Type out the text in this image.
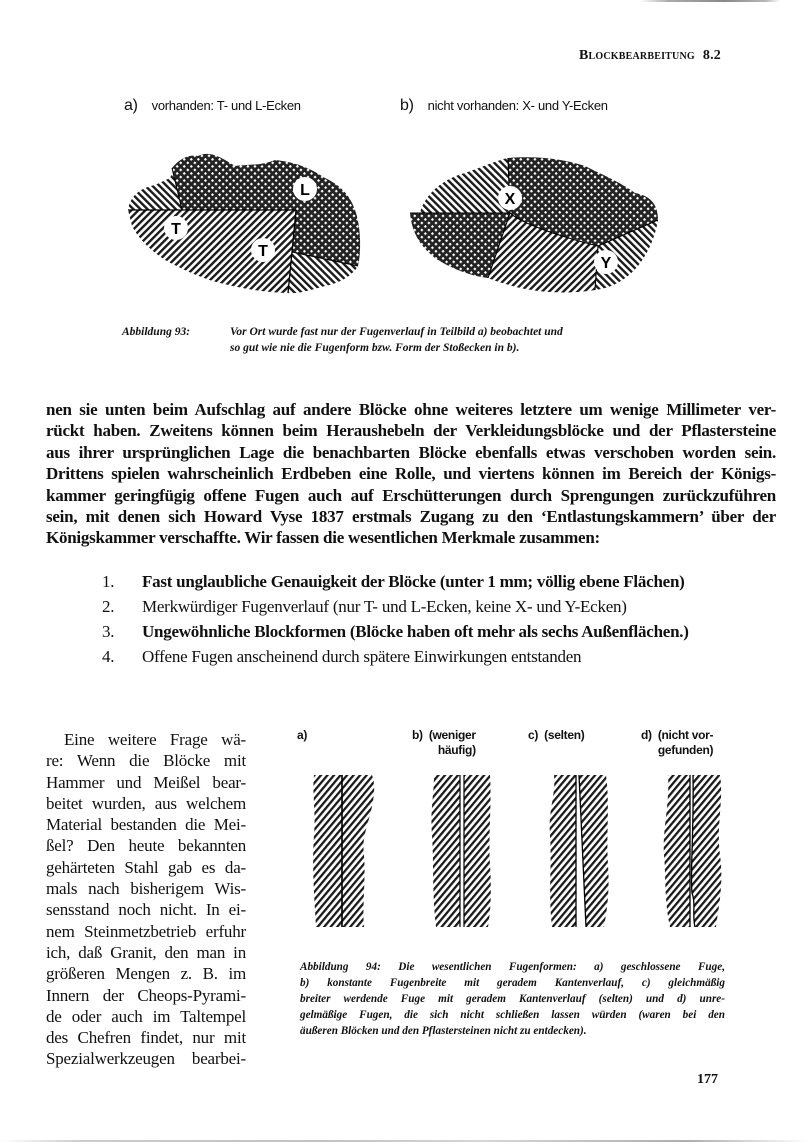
Blockbearbeitung 8.2
a) vorhanden: T- und L-Ecken	b) nicht vorhanden: X- und Y-Ecken
T
T
L
X
Y
Abbildung 93:	Vor Ort wurde fast nur der Fugenverlauf in Teilbild a) beobachtet und
so gut wie nie die Fugenform bzw. Form der Stoßecken in b).
nen sie unten beim Aufschlag auf andere Blöcke ohne weiteres letztere um wenige Millimeter ver-
rückt haben. Zweitens können beim Heraushebeln der Verkleidungsblöcke und der Pflastersteine
aus ihrer ursprünglichen Lage die benachbarten Blöcke ebenfalls etwas verschoben worden sein.
Drittens spielen wahrscheinlich Erdbeben eine Rolle, und viertens können im Bereich der Königs-
kammer geringfügig offene Fugen auch auf Erschütterungen durch Sprengungen zurückzuführen
sein, mit denen sich Howard Vyse 1837 erstmals Zugang zu den ‘Entlastungskammern’ über der
Königskammer verschaffte. Wir fassen die wesentlichen Merkmale zusammen:
1.	Fast unglaubliche Genauigkeit der Blöcke (unter 1 mm; völlig ebene Flächen)
2.	Merkwürdiger Fugenverlauf (nur T- und L-Ecken, keine X- und Y-Ecken)
3.	Ungewöhnliche Blockformen (Blöcke haben oft mehr als sechs Außenflächen.)
4.	Offene Fugen anscheinend durch spätere Einwirkungen entstanden
Eine weitere Frage wä-
re: Wenn die Blöcke mit
Hammer und Meißel bear-
beitet wurden, aus welchem
Material bestanden die Mei-
ßel? Den heute bekannten
gehärteten Stahl gab es da-
mals nach bisherigem Wis-
sensstand noch nicht. In ei-
nem Steinmetzbetrieb erfuhr
ich, daß Granit, den man in
größeren Mengen z. B. im
Innern der Cheops-Pyrami-
de oder auch im Taltempel
des Chefren findet, nur mit
Spezialwerkzeugen bearbei-
a)	b) (weniger
häufig)
c) (selten)	d) (nicht vor-
gefunden)
Abbildung 94: Die wesentlichen Fugenformen: a) geschlossene Fuge,
b) konstante Fugenbreite mit geradem Kantenverlauf, c) gleichmäßig
breiter werdende Fuge mit geradem Kantenverlauf (selten) und d) unre-
gelmäßige Fugen, die sich nicht schließen lassen würden (waren bei den
äußeren Blöcken und den Pflastersteinen nicht zu entdecken).
177
